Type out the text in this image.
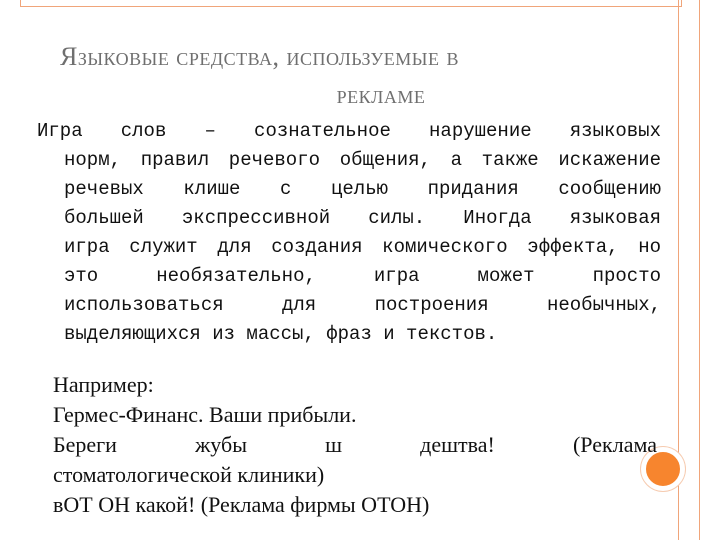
Языковые средства, используемые в
рекламе
Игра слов – сознательное нарушение языковых
норм, правил речевого общения, а также искажение
речевых клише с целью придания сообщению
большей экспрессивной силы. Иногда языковая
игра служит для создания комического эффекта, но
это необязательно, игра может просто
использоваться для построения необычных,
выделяющихся из массы, фраз и текстов.
Например:
Гермес-Финанс. Ваши прибыли.
Береги жубы ш дештва! (Реклама
стоматологической клиники)
вОТ ОН какой! (Реклама фирмы ОТОН)
